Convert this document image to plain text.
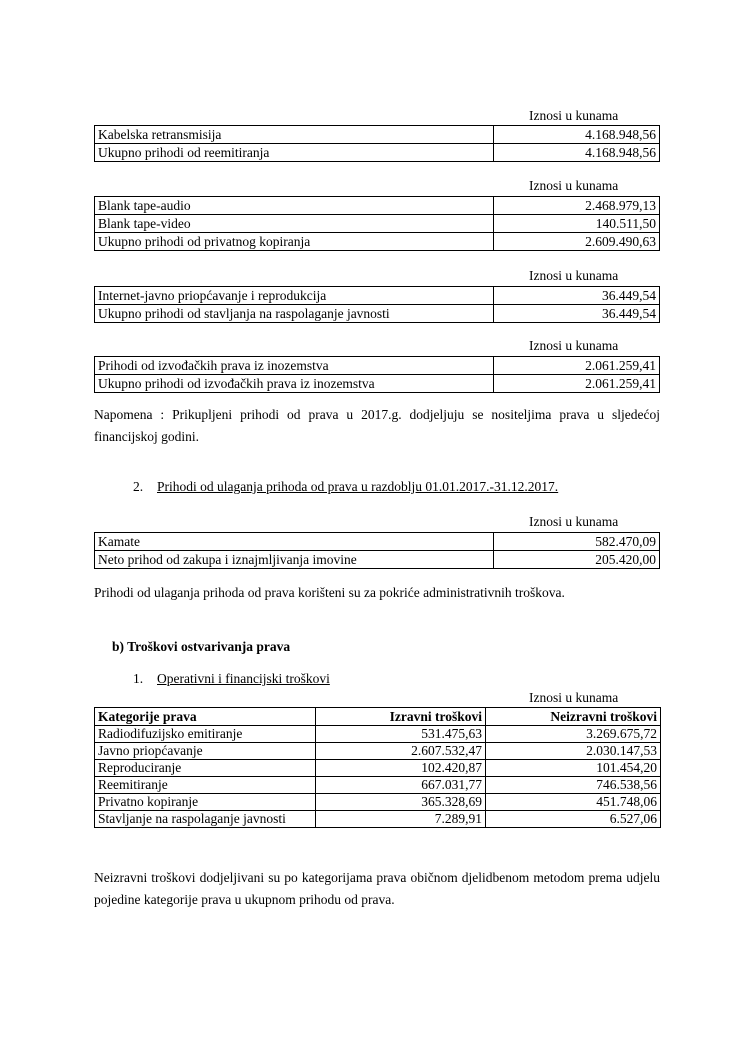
Iznosi u kunama
Kabelska retransmisija	4.168.948,56
Ukupno prihodi od reemitiranja	4.168.948,56
Iznosi u kunama
Blank tape-audio	2.468.979,13
Blank tape-video	140.511,50
Ukupno prihodi od privatnog kopiranja	2.609.490,63
Iznosi u kunama
Internet-javno priopćavanje i reprodukcija	36.449,54
Ukupno prihodi od stavljanja na raspolaganje javnosti	36.449,54
Iznosi u kunama
Prihodi od izvođačkih prava iz inozemstva	2.061.259,41
Ukupno prihodi od izvođačkih prava iz inozemstva	2.061.259,41
Napomena : Prikupljeni prihodi od prava u 2017.g. dodjeljuju se nositeljima prava u sljedećoj financijskoj godini.
2. Prihodi od ulaganja prihoda od prava u razdoblju 01.01.2017.-31.12.2017.
Iznosi u kunama
Kamate	582.470,09
Neto prihod od zakupa i iznajmljivanja imovine	205.420,00
Prihodi od ulaganja prihoda od prava korišteni su za pokriće administrativnih troškova.
b) Troškovi ostvarivanja prava
1. Operativni i financijski troškovi
Iznosi u kunama
Kategorije prava	Izravni troškovi	Neizravni troškovi
Radiodifuzijsko emitiranje	531.475,63	3.269.675,72
Javno priopćavanje	2.607.532,47	2.030.147,53
Reproduciranje	102.420,87	101.454,20
Reemitiranje	667.031,77	746.538,56
Privatno kopiranje	365.328,69	451.748,06
Stavljanje na raspolaganje javnosti	7.289,91	6.527,06
Neizravni troškovi dodjeljivani su po kategorijama prava običnom djelidbenom metodom prema udjelu pojedine kategorije prava u ukupnom prihodu od prava.
